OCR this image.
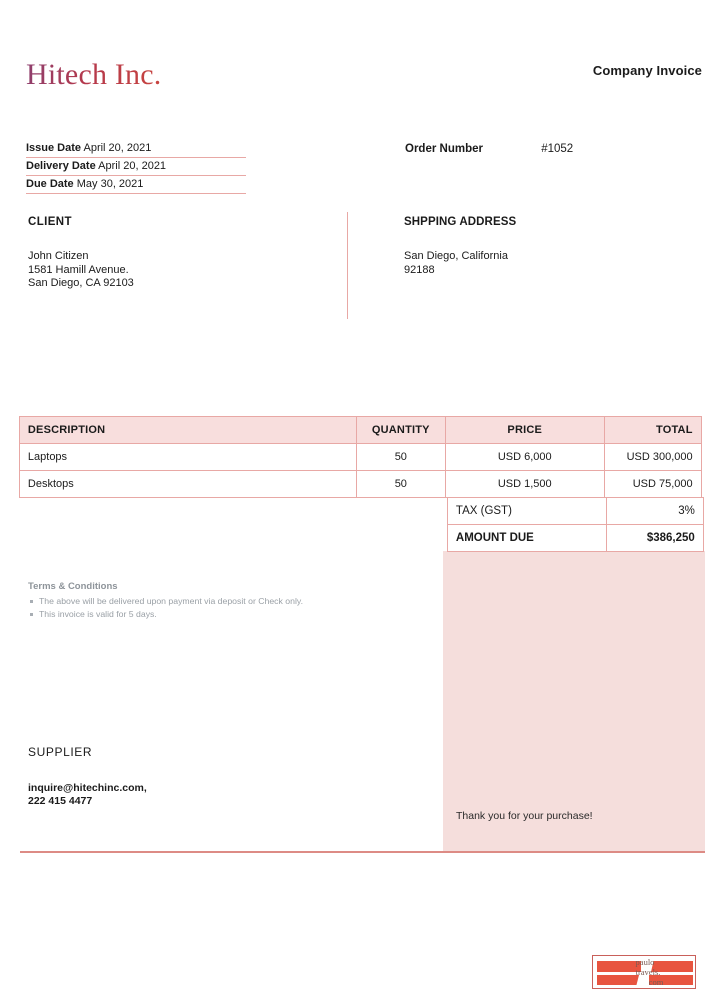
Hitech Inc.	Company Invoice
Issue Date April 20, 2021
Delivery Date April 20, 2021
Due Date May 30, 2021
Order Number	#1052
CLIENT
John Citizen
1581 Hamill Avenue.
San Diego, CA 92103
SHPPING ADDRESS
San Diego, California
92188
DESCRIPTION	QUANTITY	PRICE	TOTAL
Laptops	50	USD 6,000	USD 300,000
Desktops	50	USD 1,500	USD 75,000
TAX (GST)	3%
AMOUNT DUE	$386,250
Terms & Conditions
The above will be delivered upon payment via deposit or Check only.
This invoice is valid for 5 days.
SUPPLIER
inquire@hitechinc.com,
222 415 4477
Thank you for your purchase!
paulo
travels.
com
